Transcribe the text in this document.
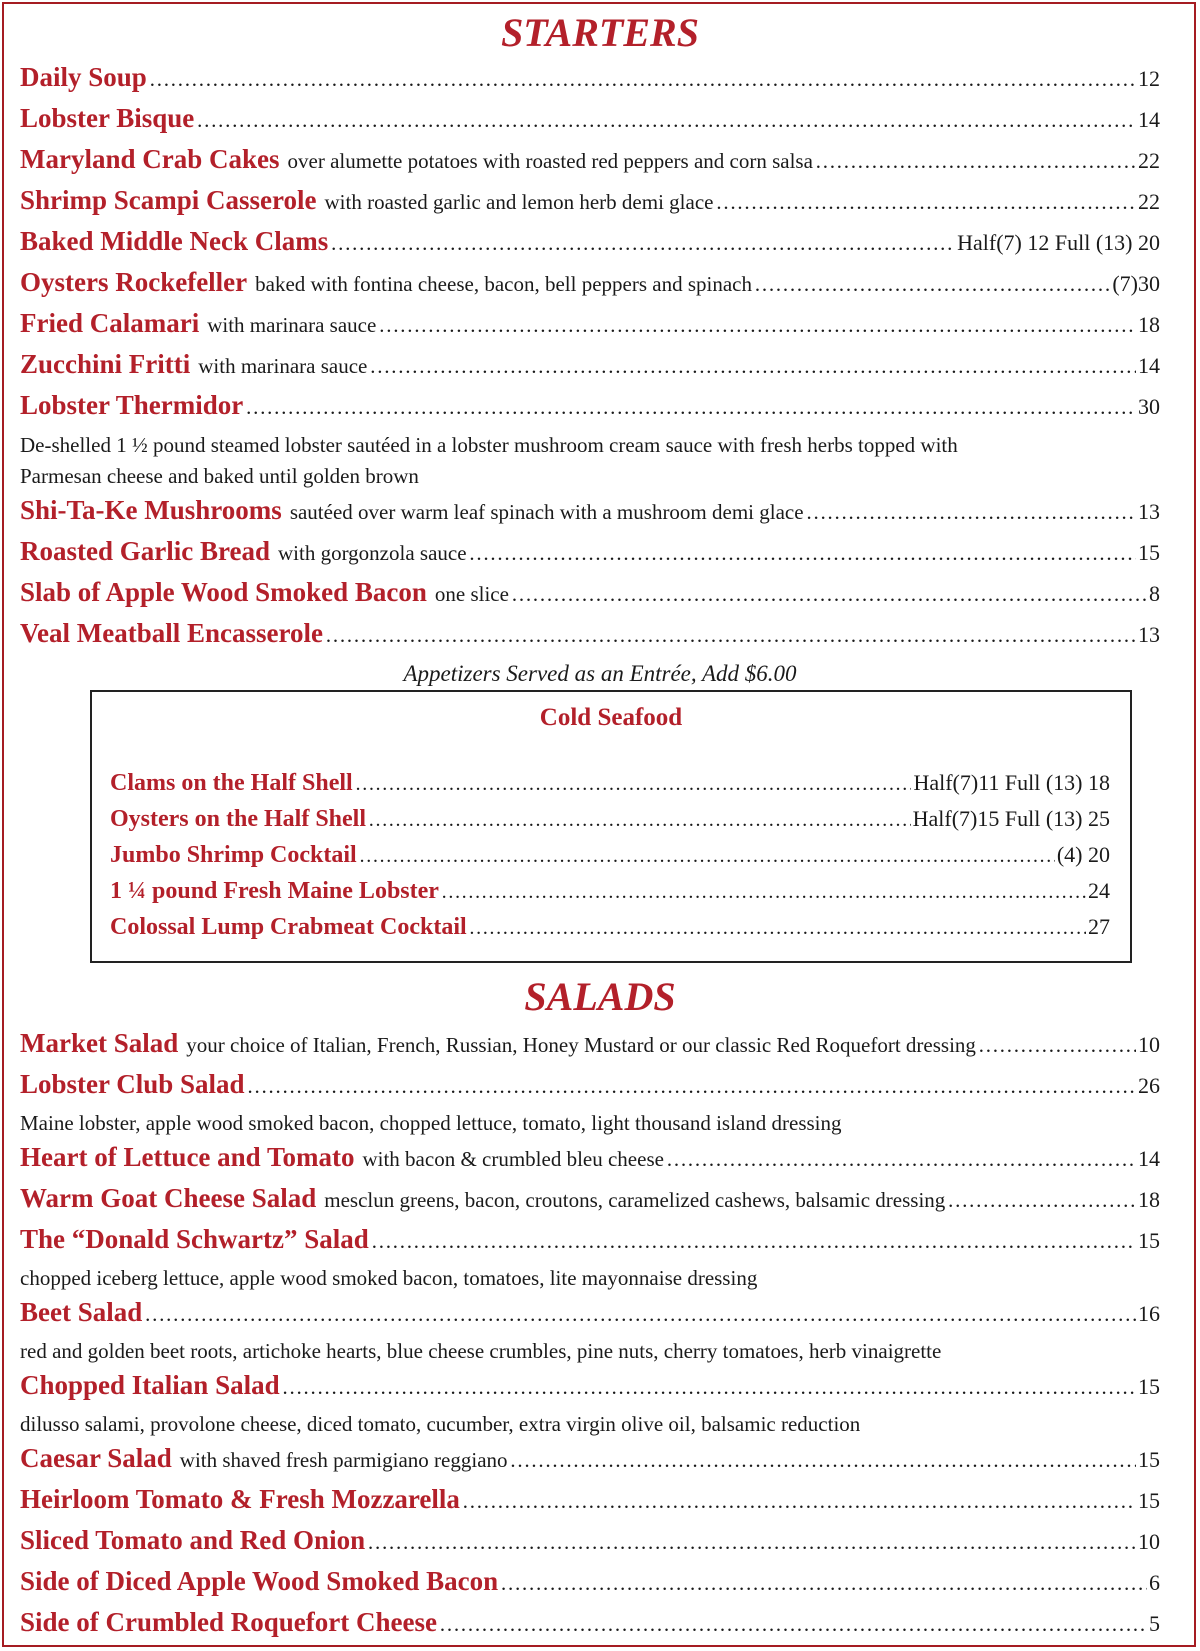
STARTERS
Daily Soup ……………………………………………………………………………………………………………………………………………………………………………………………………	12
Lobster Bisque ……………………………………………………………………………………………………………………………………………………………………………………………………	14
Maryland Crab Cakes over alumette potatoes with roasted red peppers and corn salsa ……………………………………………………………………………………………………………………………………………………………………………………………………	22
Shrimp Scampi Casserole with roasted garlic and lemon herb demi glace ……………………………………………………………………………………………………………………………………………………………………………………………………	22
Baked Middle Neck Clams ……………………………………………………………………………………………………………………………………………………………………………………………………	Half(7) 12 Full (13) 20
Oysters Rockefeller baked with fontina cheese, bacon, bell peppers and spinach ……………………………………………………………………………………………………………………………………………………………………………………………………	(7)30
Fried Calamari with marinara sauce ……………………………………………………………………………………………………………………………………………………………………………………………………	18
Zucchini Fritti with marinara sauce ……………………………………………………………………………………………………………………………………………………………………………………………………	14
Lobster Thermidor ……………………………………………………………………………………………………………………………………………………………………………………………………	30

De-shelled 1 ½ pound steamed lobster sautéed in a lobster mushroom cream sauce with fresh herbs topped with

Parmesan cheese and baked until golden brown

Shi-Ta-Ke Mushrooms sautéed over warm leaf spinach with a mushroom demi glace ……………………………………………………………………………………………………………………………………………………………………………………………………	13
Roasted Garlic Bread with gorgonzola sauce ……………………………………………………………………………………………………………………………………………………………………………………………………	15
Slab of Apple Wood Smoked Bacon one slice ……………………………………………………………………………………………………………………………………………………………………………………………………	8
Veal Meatball Encasserole ……………………………………………………………………………………………………………………………………………………………………………………………………	13

Appetizers Served as an Entrée, Add $6.00

Cold Seafood
Clams on the Half Shell ……………………………………………………………………………………………………………………………………………………………………………………	Half(7)11 Full (13) 18
Oysters on the Half Shell ……………………………………………………………………………………………………………………………………………………………………………………	Half(7)15 Full (13) 25
Jumbo Shrimp Cocktail ……………………………………………………………………………………………………………………………………………………………………………………	(4) 20
1 ¼ pound Fresh Maine Lobster ……………………………………………………………………………………………………………………………………………………………………………………	24
Colossal Lump Crabmeat Cocktail ……………………………………………………………………………………………………………………………………………………………………………………	27
SALADS
Market Salad your choice of Italian, French, Russian, Honey Mustard or our classic Red Roquefort dressing ……………………………………………………………………………………………………………………………………………………………………………………………………	10
Lobster Club Salad ……………………………………………………………………………………………………………………………………………………………………………………………………	26

Maine lobster, apple wood smoked bacon, chopped lettuce, tomato, light thousand island dressing

Heart of Lettuce and Tomato with bacon & crumbled bleu cheese ……………………………………………………………………………………………………………………………………………………………………………………………………	14
Warm Goat Cheese Salad mesclun greens, bacon, croutons, caramelized cashews, balsamic dressing ……………………………………………………………………………………………………………………………………………………………………………………………………	18
The “Donald Schwartz” Salad ……………………………………………………………………………………………………………………………………………………………………………………………………	15

chopped iceberg lettuce, apple wood smoked bacon, tomatoes, lite mayonnaise dressing

Beet Salad ……………………………………………………………………………………………………………………………………………………………………………………………………	16

red and golden beet roots, artichoke hearts, blue cheese crumbles, pine nuts, cherry tomatoes, herb vinaigrette

Chopped Italian Salad ……………………………………………………………………………………………………………………………………………………………………………………………………	15

dilusso salami, provolone cheese, diced tomato, cucumber, extra virgin olive oil, balsamic reduction

Caesar Salad with shaved fresh parmigiano reggiano ……………………………………………………………………………………………………………………………………………………………………………………………………	15
Heirloom Tomato & Fresh Mozzarella ……………………………………………………………………………………………………………………………………………………………………………………………………	15
Sliced Tomato and Red Onion ……………………………………………………………………………………………………………………………………………………………………………………………………	10
Side of Diced Apple Wood Smoked Bacon ……………………………………………………………………………………………………………………………………………………………………………………………………	6
Side of Crumbled Roquefort Cheese ……………………………………………………………………………………………………………………………………………………………………………………………………	5
